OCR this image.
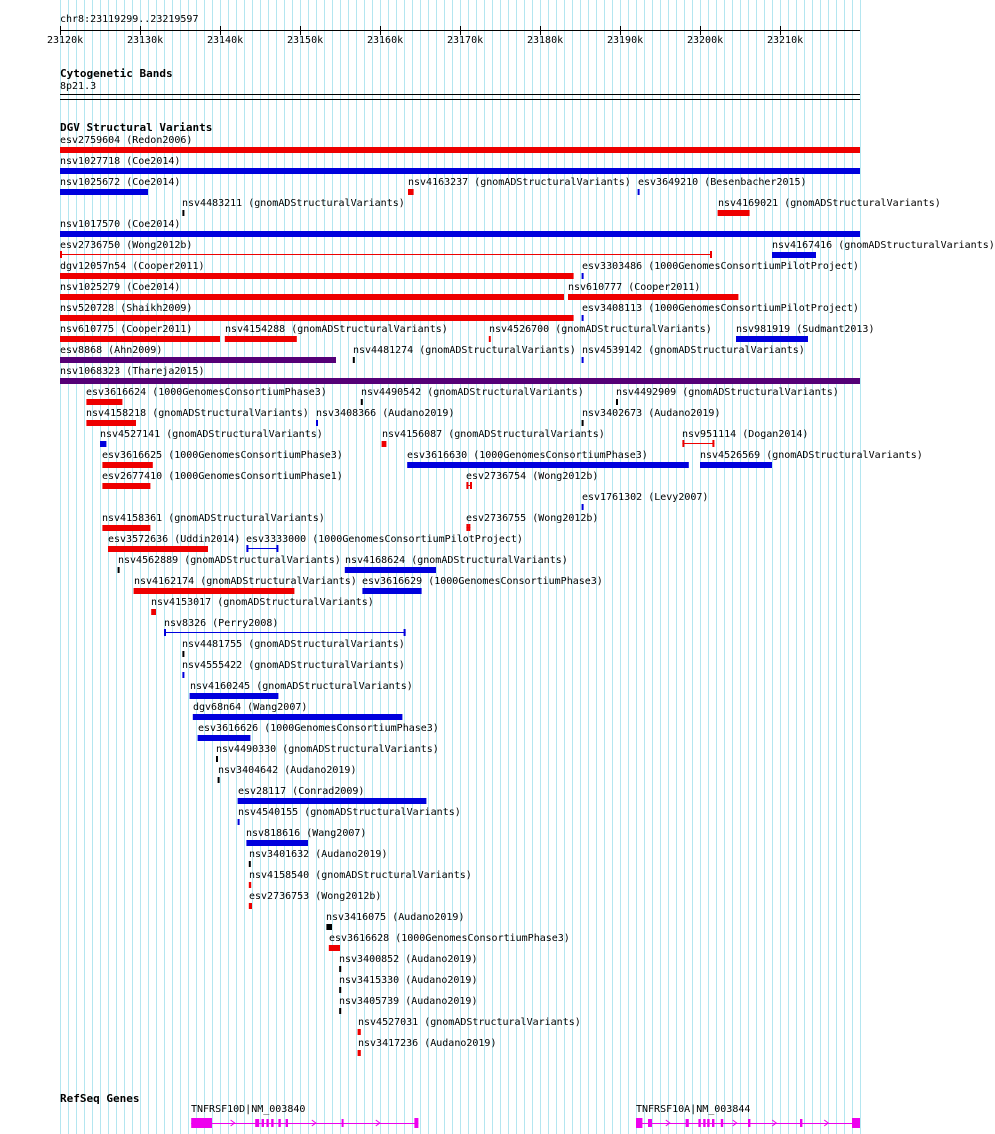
chr8:23119299..23219597
23120k	23130k	23140k	23150k	23160k	23170k	23180k	23190k	23200k	23210k
Cytogenetic Bands
8p21.3
DGV Structural Variants
esv2759604 (Redon2006)
nsv1027718 (Coe2014)
nsv1025672 (Coe2014)
nsv4483211 (gnomADStructuralVariants)
nsv4163237 (gnomADStructuralVariants) esv3649210 (Besenbacher2015)
nsv1017570 (Coe2014)
esv2736750 (Wong2012b)
nsv4169021 (gnomADStructuralVariants)
dgv12057n54 (Cooper2011)	esv3303486 (1000GenomesConsortiumPilotProject)
nsv1025279 (Coe2014)	nsv610777 (Cooper2011)
nsv4167416 (gnomADStructuralVariants)
nsv520728 (Shaikh2009)	esv3408113 (1000GenomesConsortiumPilotProject)
nsv610775 (Cooper2011)	nsv4154288 (gnomADStructuralVariants)	nsv4526700 (gnomADStructuralVariants) nsv981919 (Sudmant2013)
esv8868 (Ahn2009)	nsv4481274 (gnomADStructuralVariants) nsv4539142 (gnomADStructuralVariants)
nsv1068323 (Thareja2015)
esv3616624 (1000GenomesConsortiumPhase3)	nsv4490542 (gnomADStructuralVariants)	nsv4492909 (gnomADStructuralVariants)
nsv4158218 (gnomADStructuralVariants) nsv3408366 (Audano2019)	nsv3402673 (Audano2019)
nsv4527141 (gnomADStructuralVariants)	nsv4156087 (gnomADStructuralVariants)	nsv951114 (Dogan2014)
esv3616625 (1000GenomesConsortiumPhase3)	esv3616630 (1000GenomesConsortiumPhase3)	nsv4526569 (gnomADStructuralVariants)
esv2677410 (1000GenomesConsortiumPhase1)	esv2736754 (Wong2012b)
esv1761302 (Levy2007)
nsv4158361 (gnomADStructuralVariants)	esv2736755 (Wong2012b)
esv3572636 (Uddin2014) esv3333000 (1000GenomesConsortiumPilotProject)
nsv4562889 (gnomADStructuralVariants)
nsv4162174 (gnomADStructuralVariants)
nsv4153017 (gnomADStructuralVariants)
nsv8326 (Perry2008)
nsv4481755 (gnomADStructuralVariants)
nsv4555422 (gnomADStructuralVariants)
nsv4160245 (gnomADStructuralVariants)
dgv68n64 (Wang2007)
esv3616626 (1000GenomesConsortiumPhase3)
nsv4490330 (gnomADStructuralVariants)
nsv3404642 (Audano2019)
esv28117 (Conrad2009)
nsv4540155 (gnomADStructuralVariants)
nsv818616 (Wang2007)
nsv3401632 (Audano2019)
nsv4158540 (gnomADStructuralVariants)
esv2736753 (Wong2012b)
nsv3416075 (Audano2019)
esv3616628 (1000GenomesConsortiumPhase3)
nsv3400852 (Audano2019)
nsv3415330 (Audano2019)
nsv3405739 (Audano2019)
nsv4168624 (gnomADStructuralVariants)
nsv4527031 (gnomADStructuralVariants)
nsv3417236 (Audano2019)
esv3616629 (1000GenomesConsortiumPhase3)
TNFRSF10D|NM_003840	TNFRSF10A|NM_003844
RefSeq Genes
